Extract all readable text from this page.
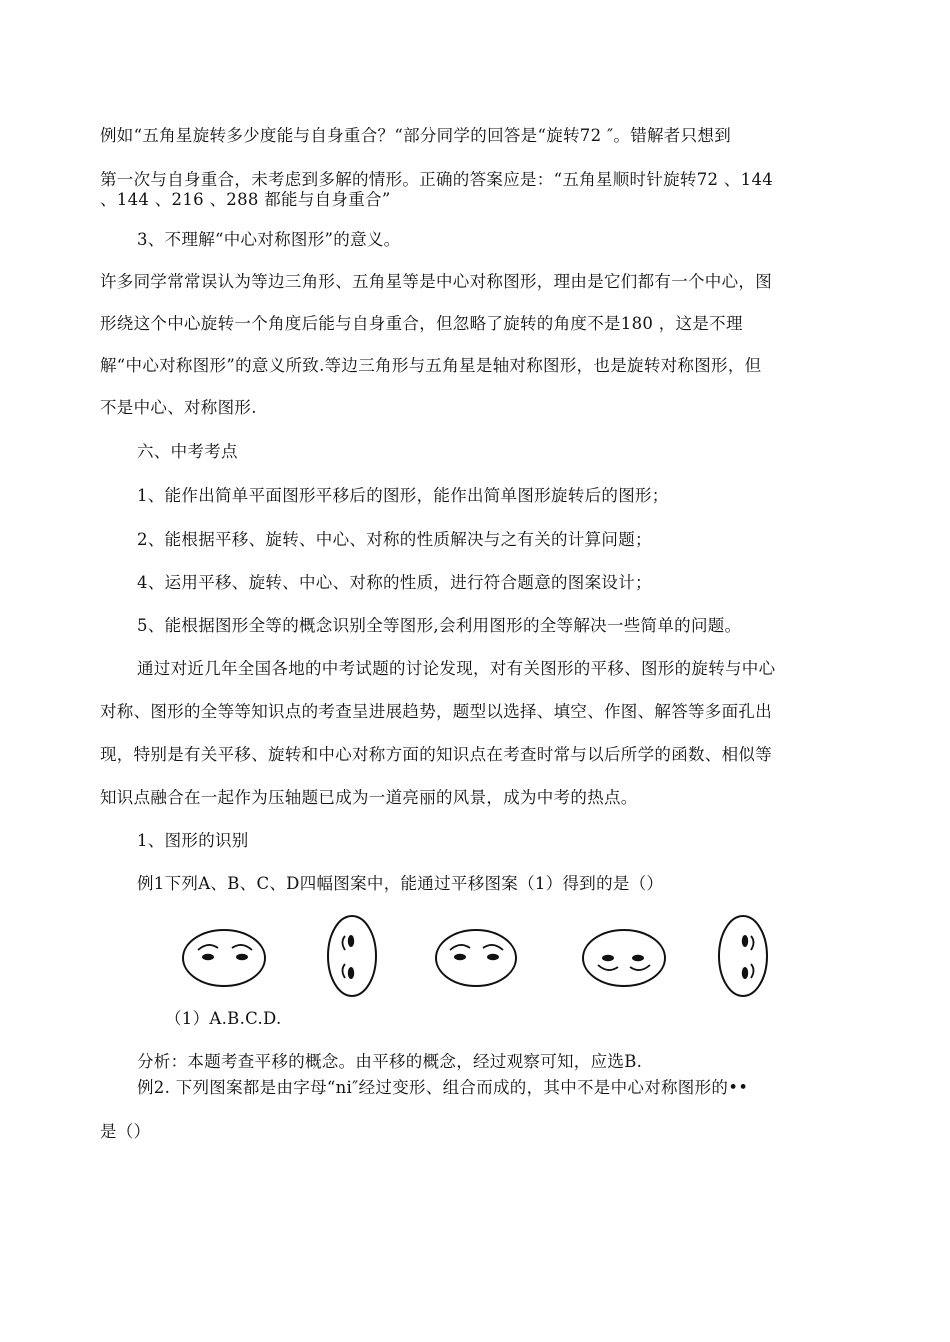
例如“五角星旋转多少度能与自身重合？“部分同学的回答是“旋转72 ″。错解者只想到
第一次与自身重合，未考虑到多解的情形。正确的答案应是：“五角星顺时针旋转72 、144
、144 、216 、288 都能与自身重合”
3、不理解“中心对称图形”的意义。
许多同学常常误认为等边三角形、五角星等是中心对称图形，理由是它们都有一个中心，图
形绕这个中心旋转一个角度后能与自身重合，但忽略了旋转的角度不是180 ，这是不理
解“中心对称图形”的意义所致.等边三角形与五角星是轴对称图形，也是旋转对称图形，但
不是中心、对称图形.
六、中考考点
1、能作出简单平面图形平移后的图形，能作出简单图形旋转后的图形；
2、能根据平移、旋转、中心、对称的性质解决与之有关的计算问题；
4、运用平移、旋转、中心、对称的性质，进行符合题意的图案设计；
5、能根据图形全等的概念识别全等图形,会利用图形的全等解决一些简单的问题。
通过对近几年全国各地的中考试题的讨论发现，对有关图形的平移、图形的旋转与中心
对称、图形的全等等知识点的考查呈进展趋势，题型以选择、填空、作图、解答等多面孔出
现，特别是有关平移、旋转和中心对称方面的知识点在考查时常与以后所学的函数、相似等
知识点融合在一起作为压轴题已成为一道亮丽的风景，成为中考的热点。
1、图形的识别
例1下列A、B、C、D四幅图案中，能通过平移图案（1）得到的是（）
（1）A.B.C.D.
分析：本题考查平移的概念。由平移的概念，经过观察可知，应选B.
例2. 下列图案都是由字母“ni″经过变形、组合而成的，其中不是中心对称图形的••
是（）
